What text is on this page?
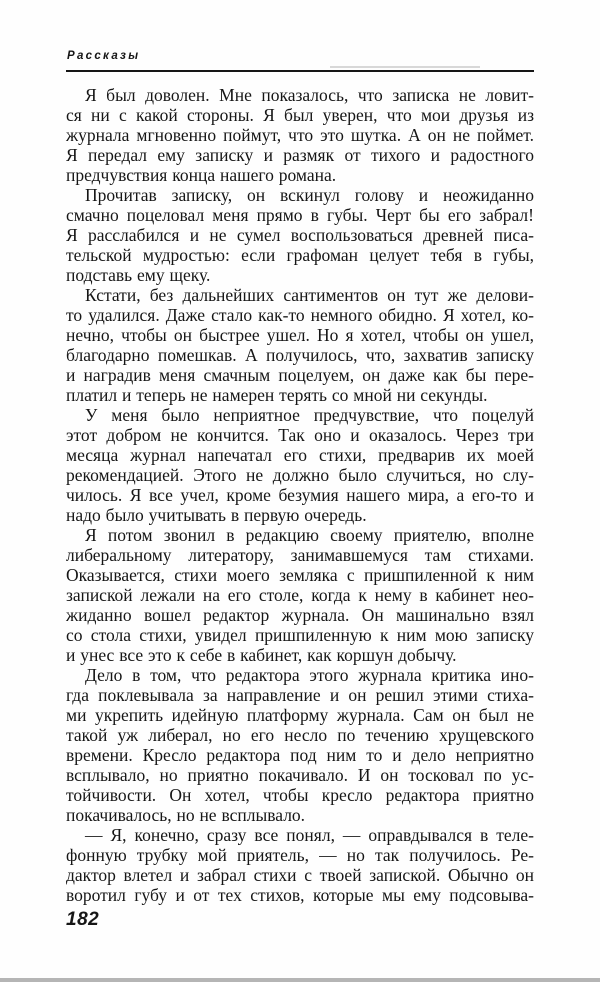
Рассказы
Я был доволен. Мне показалось, что записка не ловит-
ся ни с какой стороны. Я был уверен, что мои друзья из
журнала мгновенно поймут, что это шутка. А он не поймет.
Я передал ему записку и размяк от тихого и радостного
предчувствия конца нашего романа.
Прочитав записку, он вскинул голову и неожиданно
смачно поцеловал меня прямо в губы. Черт бы его забрал!
Я расслабился и не сумел воспользоваться древней писа-
тельской мудростью: если графоман целует тебя в губы,
подставь ему щеку.
Кстати, без дальнейших сантиментов он тут же делови-
то удалился. Даже стало как-то немного обидно. Я хотел, ко-
нечно, чтобы он быстрее ушел. Но я хотел, чтобы он ушел,
благодарно помешкав. А получилось, что, захватив записку
и наградив меня смачным поцелуем, он даже как бы пере-
платил и теперь не намерен терять со мной ни секунды.
У меня было неприятное предчувствие, что поцелуй
этот добром не кончится. Так оно и оказалось. Через три
месяца журнал напечатал его стихи, предварив их моей
рекомендацией. Этого не должно было случиться, но слу-
чилось. Я все учел, кроме безумия нашего мира, а его-то и
надо было учитывать в первую очередь.
Я потом звонил в редакцию своему приятелю, вполне
либеральному литератору, занимавшемуся там стихами.
Оказывается, стихи моего земляка с пришпиленной к ним
запиской лежали на его столе, когда к нему в кабинет нео-
жиданно вошел редактор журнала. Он машинально взял
со стола стихи, увидел пришпиленную к ним мою записку
и унес все это к себе в кабинет, как коршун добычу.
Дело в том, что редактора этого журнала критика ино-
гда поклевывала за направление и он решил этими стиха-
ми укрепить идейную платформу журнала. Сам он был не
такой уж либерал, но его несло по течению хрущевского
времени. Кресло редактора под ним то и дело неприятно
всплывало, но приятно покачивало. И он тосковал по ус-
тойчивости. Он хотел, чтобы кресло редактора приятно
покачивалось, но не всплывало.
— Я, конечно, сразу все понял, — оправдывался в теле-
фонную трубку мой приятель, — но так получилось. Ре-
дактор влетел и забрал стихи с твоей запиской. Обычно он
воротил губу и от тех стихов, которые мы ему подсовыва-
182
